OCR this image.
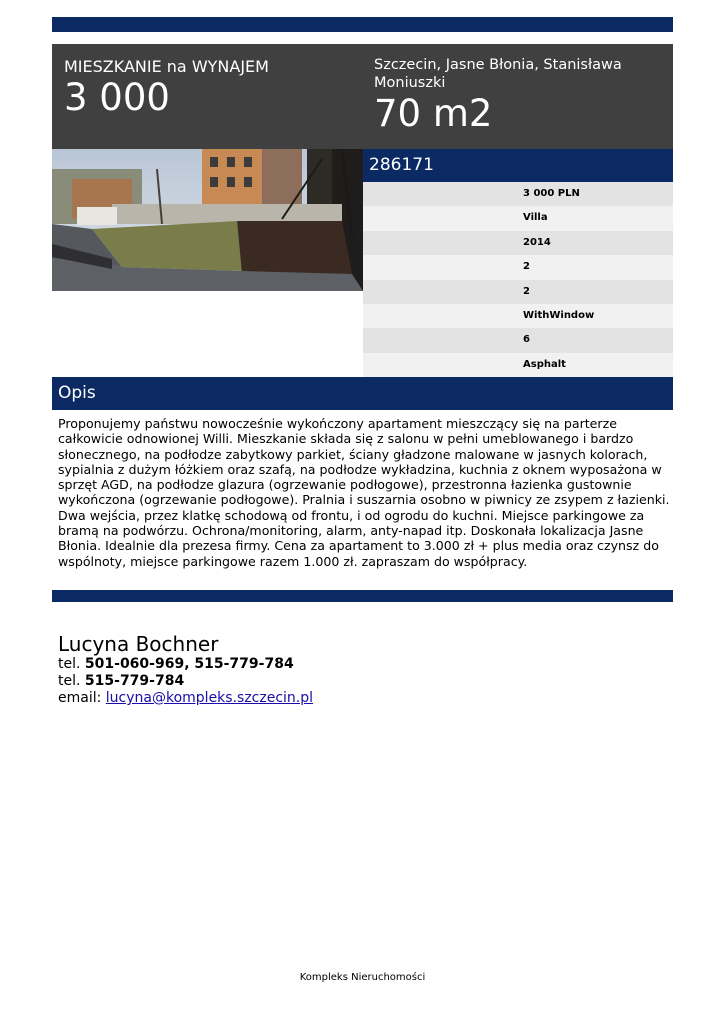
MIESZKANIE na WYNAJEM
3 000
Szczecin, Jasne Błonia, Stanisława Moniuszki
70 m2
286171
3 000 PLN
Villa
2014
2
2
WithWindow
6
Asphalt
Opis
Proponujemy państwu nowocześnie wykończony apartament mieszczący się na parterze całkowicie odnowionej Willi. Mieszkanie składa się z salonu w pełni umeblowanego i bardzo słonecznego, na podłodze zabytkowy parkiet, ściany gładzone malowane w jasnych kolorach, sypialnia z dużym łóżkiem oraz szafą, na podłodze wykładzina, kuchnia z oknem wyposażona w sprzęt AGD, na podłodze glazura (ogrzewanie podłogowe), przestronna łazienka gustownie wykończona (ogrzewanie podłogowe). Pralnia i suszarnia osobno w piwnicy ze zsypem z łazienki. Dwa wejścia, przez klatkę schodową od frontu, i od ogrodu do kuchni. Miejsce parkingowe za bramą na podwórzu. Ochrona/monitoring, alarm, anty-napad itp. Doskonała lokalizacja Jasne Błonia. Idealnie dla prezesa firmy. Cena za apartament to 3.000 zł + plus media oraz czynsz do wspólnoty, miejsce parkingowe razem 1.000 zł. zapraszam do współpracy.
Lucyna Bochner
tel. 501-060-969, 515-779-784
tel. 515-779-784
email: lucyna@kompleks.szczecin.pl
Kompleks Nieruchomości
